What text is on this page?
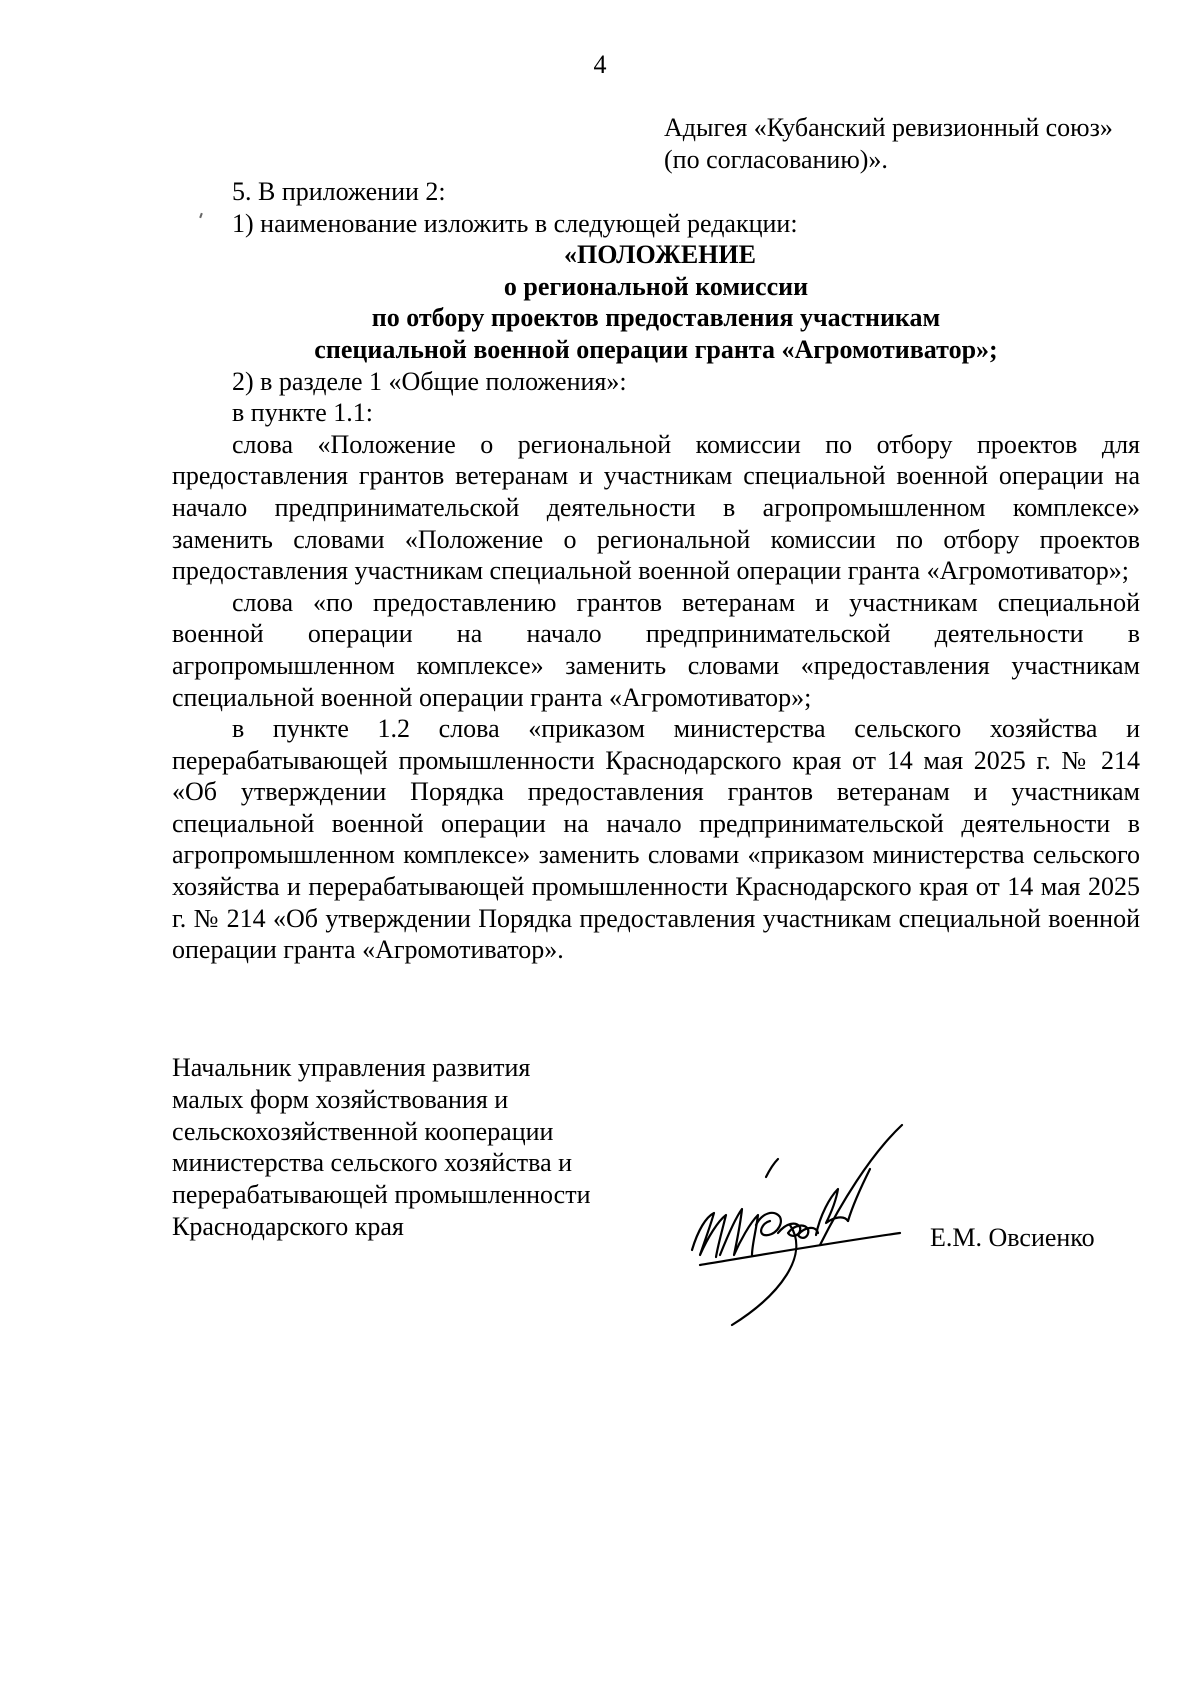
4
Адыгея «Кубанский ревизионный союз»
(по согласованию)».

5. В приложении 2:

1) наименование изложить в следующей редакции:

«ПОЛОЖЕНИЕ
о региональной комиссии
по отбору проектов предоставления участникам
специальной военной операции гранта «Агромотиватор»;

2) в разделе 1 «Общие положения»:

в пункте 1.1:

слова «Положение о региональной комиссии по отбору проектов для предоставления грантов ветеранам и участникам специальной военной операции на начало предпринимательской деятельности в агропромышленном комплексе» заменить словами «Положение о региональной комиссии по отбору проектов предоставления участникам специальной военной операции гранта «Агромотиватор»;

слова «по предоставлению грантов ветеранам и участникам специальной военной операции на начало предпринимательской деятельности в агропромышленном комплексе» заменить словами «предоставления участникам специальной военной операции гранта «Агромотиватор»;

в пункте 1.2 слова «приказом министерства сельского хозяйства и перерабатывающей промышленности Краснодарского края от 14 мая 2025 г. № 214 «Об утверждении Порядка предоставления грантов ветеранам и участникам специальной военной операции на начало предпринимательской деятельности в агропромышленном комплексе» заменить словами «приказом министерства сельского хозяйства и перерабатывающей промышленности Краснодарского края от 14 мая 2025 г. № 214 «Об утверждении Порядка предоставления участникам специальной военной операции гранта «Агромотиватор».

Начальник управления развития
малых форм хозяйствования и
сельскохозяйственной кооперации
министерства сельского хозяйства и
перерабатывающей промышленности
Краснодарского края	Е.М. Овсиенко
